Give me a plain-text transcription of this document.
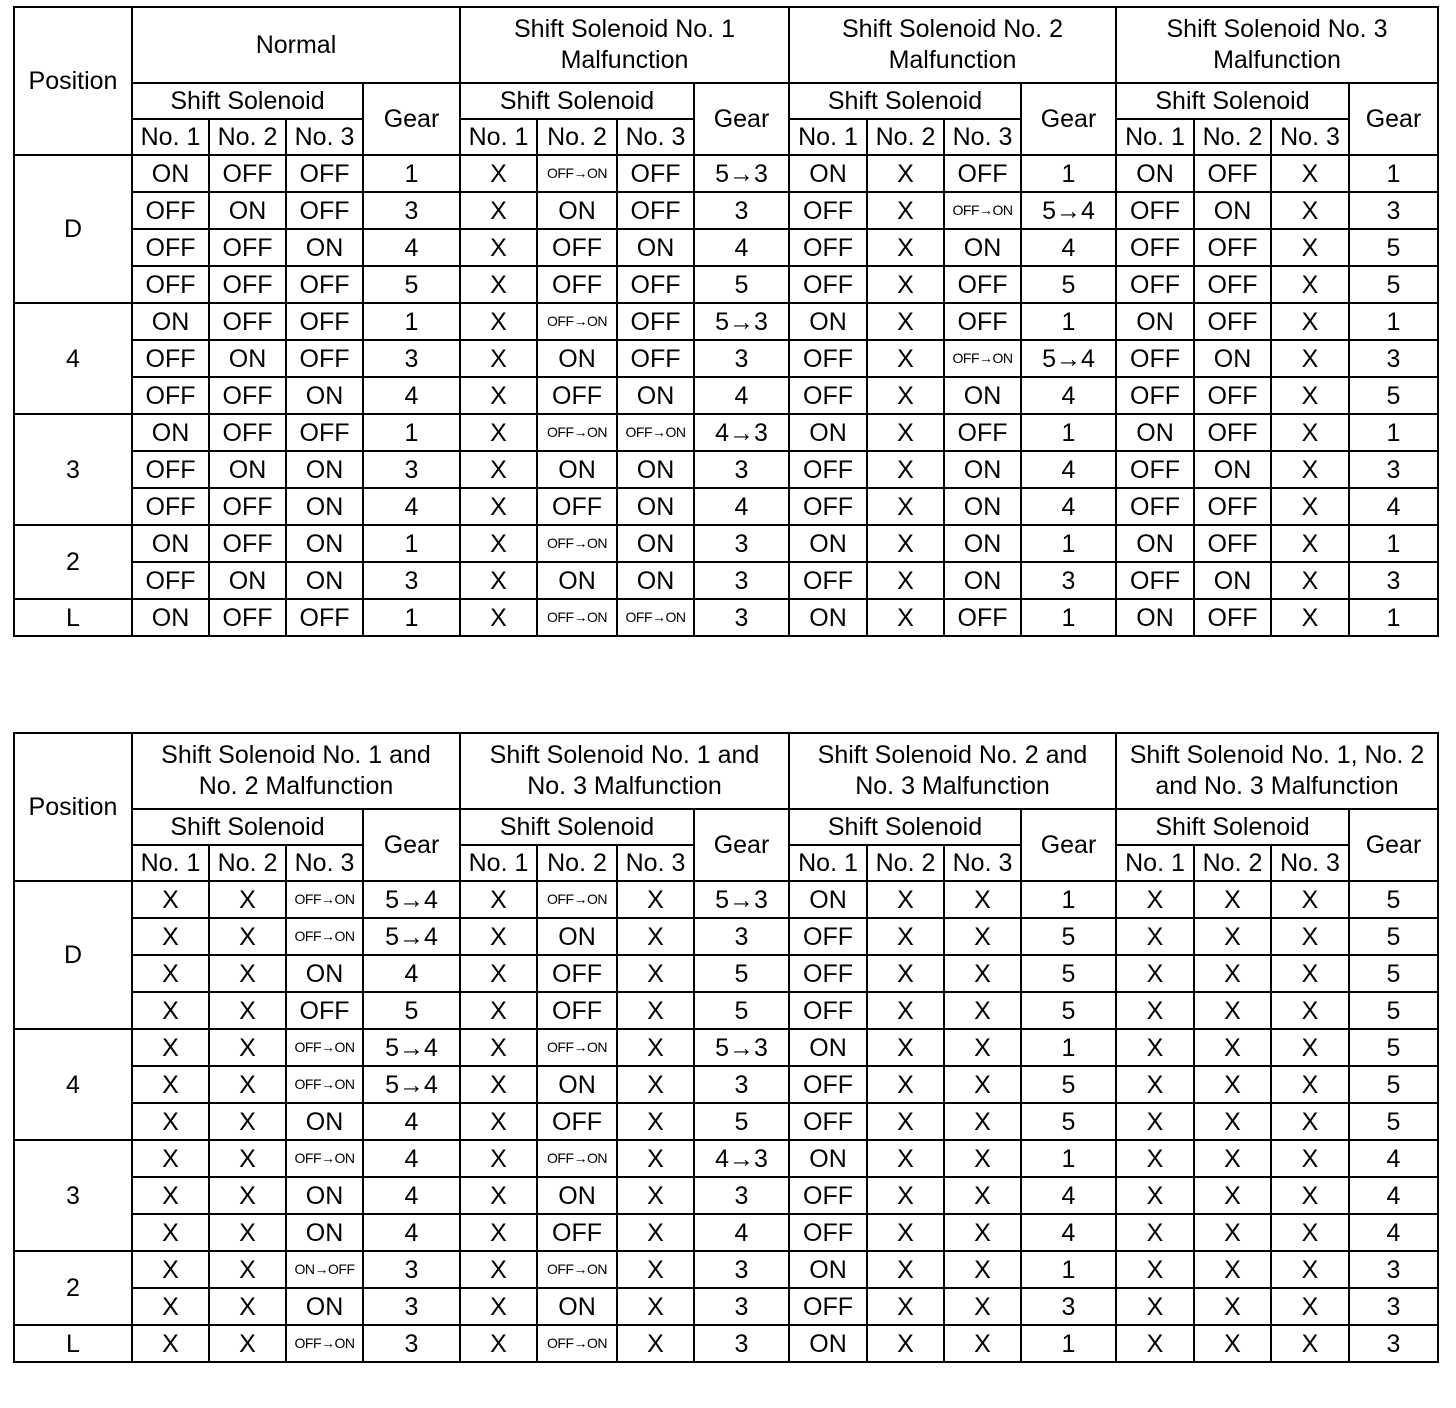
Position	Normal				Shift Solenoid No. 1 Malfunction				Shift Solenoid No. 2 Malfunction				Shift Solenoid No. 3 Malfunction			
	Shift Solenoid			Gear	Shift Solenoid			Gear	Shift Solenoid			Gear	Shift Solenoid			Gear
	No. 1	No. 2	No. 3		No. 1	No. 2	No. 3		No. 1	No. 2	No. 3		No. 1	No. 2	No. 3	
D	ON	OFF	OFF	1	X	OFF→ON	OFF	5→3	ON	X	OFF	1	ON	OFF	X	1
	OFF	ON	OFF	3	X	ON	OFF	3	OFF	X	OFF→ON	5→4	OFF	ON	X	3
	OFF	OFF	ON	4	X	OFF	ON	4	OFF	X	ON	4	OFF	OFF	X	5
	OFF	OFF	OFF	5	X	OFF	OFF	5	OFF	X	OFF	5	OFF	OFF	X	5
4	ON	OFF	OFF	1	X	OFF→ON	OFF	5→3	ON	X	OFF	1	ON	OFF	X	1
	OFF	ON	OFF	3	X	ON	OFF	3	OFF	X	OFF→ON	5→4	OFF	ON	X	3
	OFF	OFF	ON	4	X	OFF	ON	4	OFF	X	ON	4	OFF	OFF	X	5
3	ON	OFF	OFF	1	X	OFF→ON	OFF→ON	4→3	ON	X	OFF	1	ON	OFF	X	1
	OFF	ON	ON	3	X	ON	ON	3	OFF	X	ON	4	OFF	ON	X	3
	OFF	OFF	ON	4	X	OFF	ON	4	OFF	X	ON	4	OFF	OFF	X	4
2	ON	OFF	ON	1	X	OFF→ON	ON	3	ON	X	ON	1	ON	OFF	X	1
	OFF	ON	ON	3	X	ON	ON	3	OFF	X	ON	3	OFF	ON	X	3
L	ON	OFF	OFF	1	X	OFF→ON	OFF→ON	3	ON	X	OFF	1	ON	OFF	X	1
Position	Shift Solenoid No. 1 and No. 2 Malfunction				Shift Solenoid No. 1 and No. 3 Malfunction				Shift Solenoid No. 2 and No. 3 Malfunction				Shift Solenoid No. 1, No. 2 and No. 3 Malfunction			
	Shift Solenoid			Gear	Shift Solenoid			Gear	Shift Solenoid			Gear	Shift Solenoid			Gear
	No. 1	No. 2	No. 3		No. 1	No. 2	No. 3		No. 1	No. 2	No. 3		No. 1	No. 2	No. 3	
D	X	X	OFF→ON	5→4	X	OFF→ON	X	5→3	ON	X	X	1	X	X	X	5
	X	X	OFF→ON	5→4	X	ON	X	3	OFF	X	X	5	X	X	X	5
	X	X	ON	4	X	OFF	X	5	OFF	X	X	5	X	X	X	5
	X	X	OFF	5	X	OFF	X	5	OFF	X	X	5	X	X	X	5
4	X	X	OFF→ON	5→4	X	OFF→ON	X	5→3	ON	X	X	1	X	X	X	5
	X	X	OFF→ON	5→4	X	ON	X	3	OFF	X	X	5	X	X	X	5
	X	X	ON	4	X	OFF	X	5	OFF	X	X	5	X	X	X	5
3	X	X	OFF→ON	4	X	OFF→ON	X	4→3	ON	X	X	1	X	X	X	4
	X	X	ON	4	X	ON	X	3	OFF	X	X	4	X	X	X	4
	X	X	ON	4	X	OFF	X	4	OFF	X	X	4	X	X	X	4
2	X	X	ON→OFF	3	X	OFF→ON	X	3	ON	X	X	1	X	X	X	3
	X	X	ON	3	X	ON	X	3	OFF	X	X	3	X	X	X	3
L	X	X	OFF→ON	3	X	OFF→ON	X	3	ON	X	X	1	X	X	X	3
